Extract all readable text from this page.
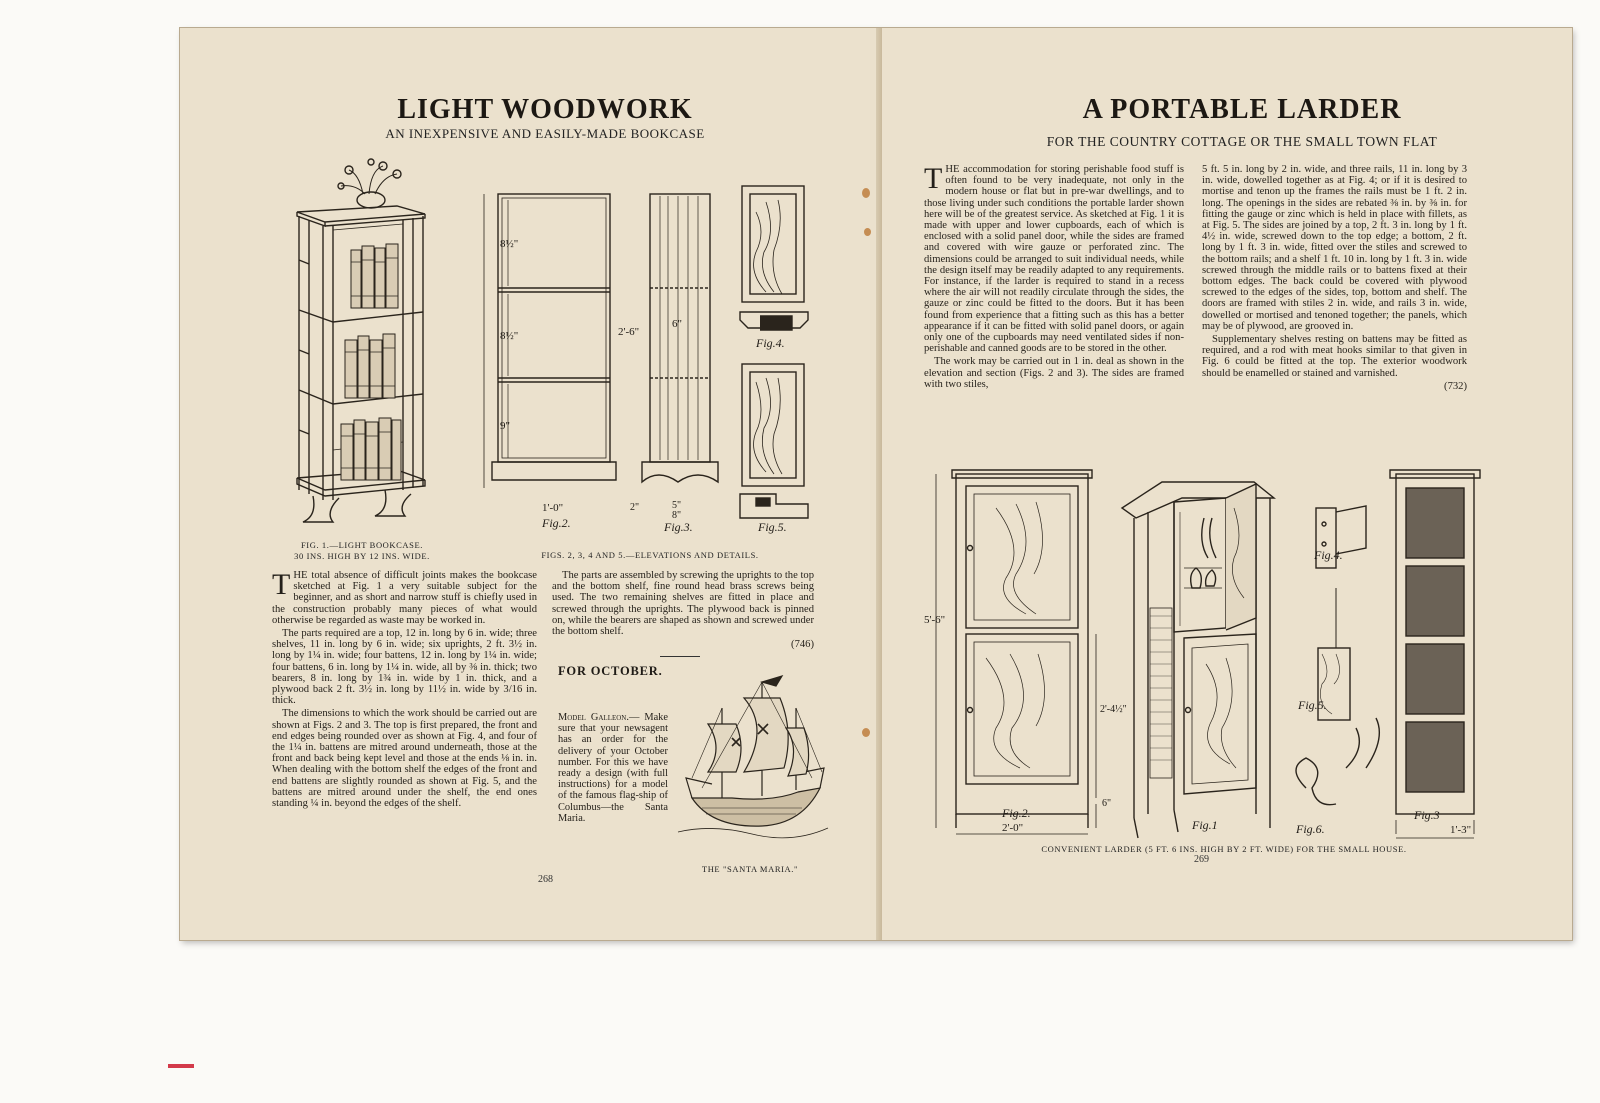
LIGHT WOODWORK
AN INEXPENSIVE AND EASILY-MADE BOOKCASE
8½"
8½"
9"
2'-6"
1'-0"
Fig.2.
6"
2"	5"
8"
Fig.3.
Fig.4.
Fig.5.
FIG. 1.—LIGHT BOOKCASE.
30 INS. HIGH BY 12 INS. WIDE.	FIGS. 2, 3, 4 AND 5.—ELEVATIONS AND DETAILS.

THE total absence of difficult joints makes the bookcase sketched at Fig. 1 a very suitable subject for the beginner, and as short and narrow stuff is chiefly used in the construction probably many pieces of what would otherwise be regarded as waste may be worked in.

The parts required are a top, 12 in. long by 6 in. wide; three shelves, 11 in. long by 6 in. wide; six uprights, 2 ft. 3½ in. long by 1¼ in. wide; four battens, 12 in. long by 1¼ in. wide; four battens, 6 in. long by 1¼ in. wide, all by ⅜ in. thick; two bearers, 8 in. long by 1¾ in. wide by 1 in. thick, and a plywood back 2 ft. 3½ in. long by 11½ in. wide by 3/16 in. thick.

The dimensions to which the work should be carried out are shown at Figs. 2 and 3. The top is first prepared, the front and end edges being rounded over as shown at Fig. 4, and four of the 1¼ in. battens are mitred around underneath, those at the front and back being kept level and those at the ends ⅛ in. in. When dealing with the bottom shelf the edges of the front and end battens are slightly rounded as shown at Fig. 5, and the battens are mitred around under the shelf, the end ones standing ¼ in. beyond the edges of the shelf.

The parts are assembled by screwing the uprights to the top and the bottom shelf, fine round head brass screws being used. The two remaining shelves are fitted in place and screwed through the uprights. The plywood back is pinned on, while the bearers are shaped as shown and screwed under the bottom shelf.

(746)
FOR OCTOBER.
Model Galleon.— Make sure that your newsagent has an order for the delivery of your October number. For this we have ready a design (with full instructions) for a model of the famous flag-ship of Columbus—the Santa Maria.
THE "SANTA MARIA."
268
A PORTABLE LARDER
FOR THE COUNTRY COTTAGE OR THE SMALL TOWN FLAT

THE accommodation for storing perishable food stuff is often found to be very inadequate, not only in the modern house or flat but in pre-war dwellings, and to those living under such conditions the portable larder shown here will be of the greatest service. As sketched at Fig. 1 it is made with upper and lower cupboards, each of which is enclosed with a solid panel door, while the sides are framed and covered with wire gauze or perforated zinc. The dimensions could be arranged to suit individual needs, while the design itself may be readily adapted to any requirements. For instance, if the larder is required to stand in a recess where the air will not readily circulate through the sides, the gauze or zinc could be fitted to the doors. But it has been found from experience that a fitting such as this has a better appearance if it can be fitted with solid panel doors, or again only one of the cupboards may need ventilated sides if non-perishable and canned goods are to be stored in the other.

The work may be carried out in 1 in. deal as shown in the elevation and section (Figs. 2 and 3). The sides are framed with two stiles,

5 ft. 5 in. long by 2 in. wide, and three rails, 11 in. long by 3 in. wide, dowelled together as at Fig. 4; or if it is desired to mortise and tenon up the frames the rails must be 1 ft. 2 in. long. The openings in the sides are rebated ⅜ in. by ⅜ in. for fitting the gauge or zinc which is held in place with fillets, as at Fig. 5. The sides are joined by a top, 2 ft. 3 in. long by 1 ft. 4½ in. wide, screwed down to the top edge; a bottom, 2 ft. long by 1 ft. 3 in. wide, fitted over the stiles and screwed to the bottom rails; and a shelf 1 ft. 10 in. long by 1 ft. 3 in. wide screwed through the middle rails or to battens fixed at their bottom edges. The back could be covered with plywood screwed to the edges of the sides, top, bottom and shelf. The doors are framed with stiles 2 in. wide, and rails 3 in. wide, dowelled or mortised and tenoned together; the panels, which may be of plywood, are grooved in.

Supplementary shelves resting on battens may be fitted as required, and a rod with meat hooks similar to that given in Fig. 6 could be fitted at the top. The exterior woodwork should be enamelled or stained and varnished.

(732)
5'-6"
2'-4½"
6"
2'-0"	1'-3"
Fig.2.
Fig.1
Fig.4.
Fig.5.
Fig.6.
Fig.3
CONVENIENT LARDER (5 FT. 6 INS. HIGH BY 2 FT. WIDE) FOR THE SMALL HOUSE.
269
